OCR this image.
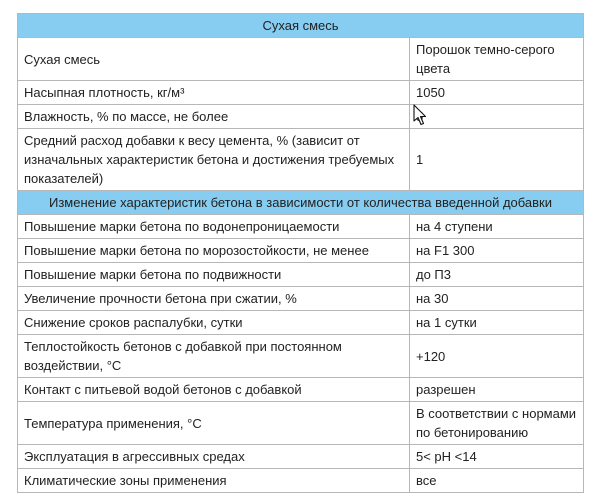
Сухая смесь	
Сухая смесь	Порошок темно-серого цвета
Насыпная плотность, кг/м³	1050
Влажность, % по массе, не более	
Средний расход добавки к весу цемента, % (зависит от изначальных характеристик бетона и достижения требуемых показателей)	1
Изменение характеристик бетона в зависимости от количества введенной добавки	
Повышение марки бетона по водонепроницаемости	на 4 ступени
Повышение марки бетона по морозостойкости, не менее	на F1 300
Повышение марки бетона по подвижности	до П3
Увеличение прочности бетона при сжатии, %	на 30
Снижение сроков распалубки, сутки	на 1 сутки
Теплостойкость бетонов с добавкой при постоянном воздействии, °С	+120
Контакт с питьевой водой бетонов с добавкой	разрешен
Температура применения, °С	В соответствии с нормами по бетонированию
Эксплуатация в агрессивных средах	5< pH <14
Климатические зоны применения	все
